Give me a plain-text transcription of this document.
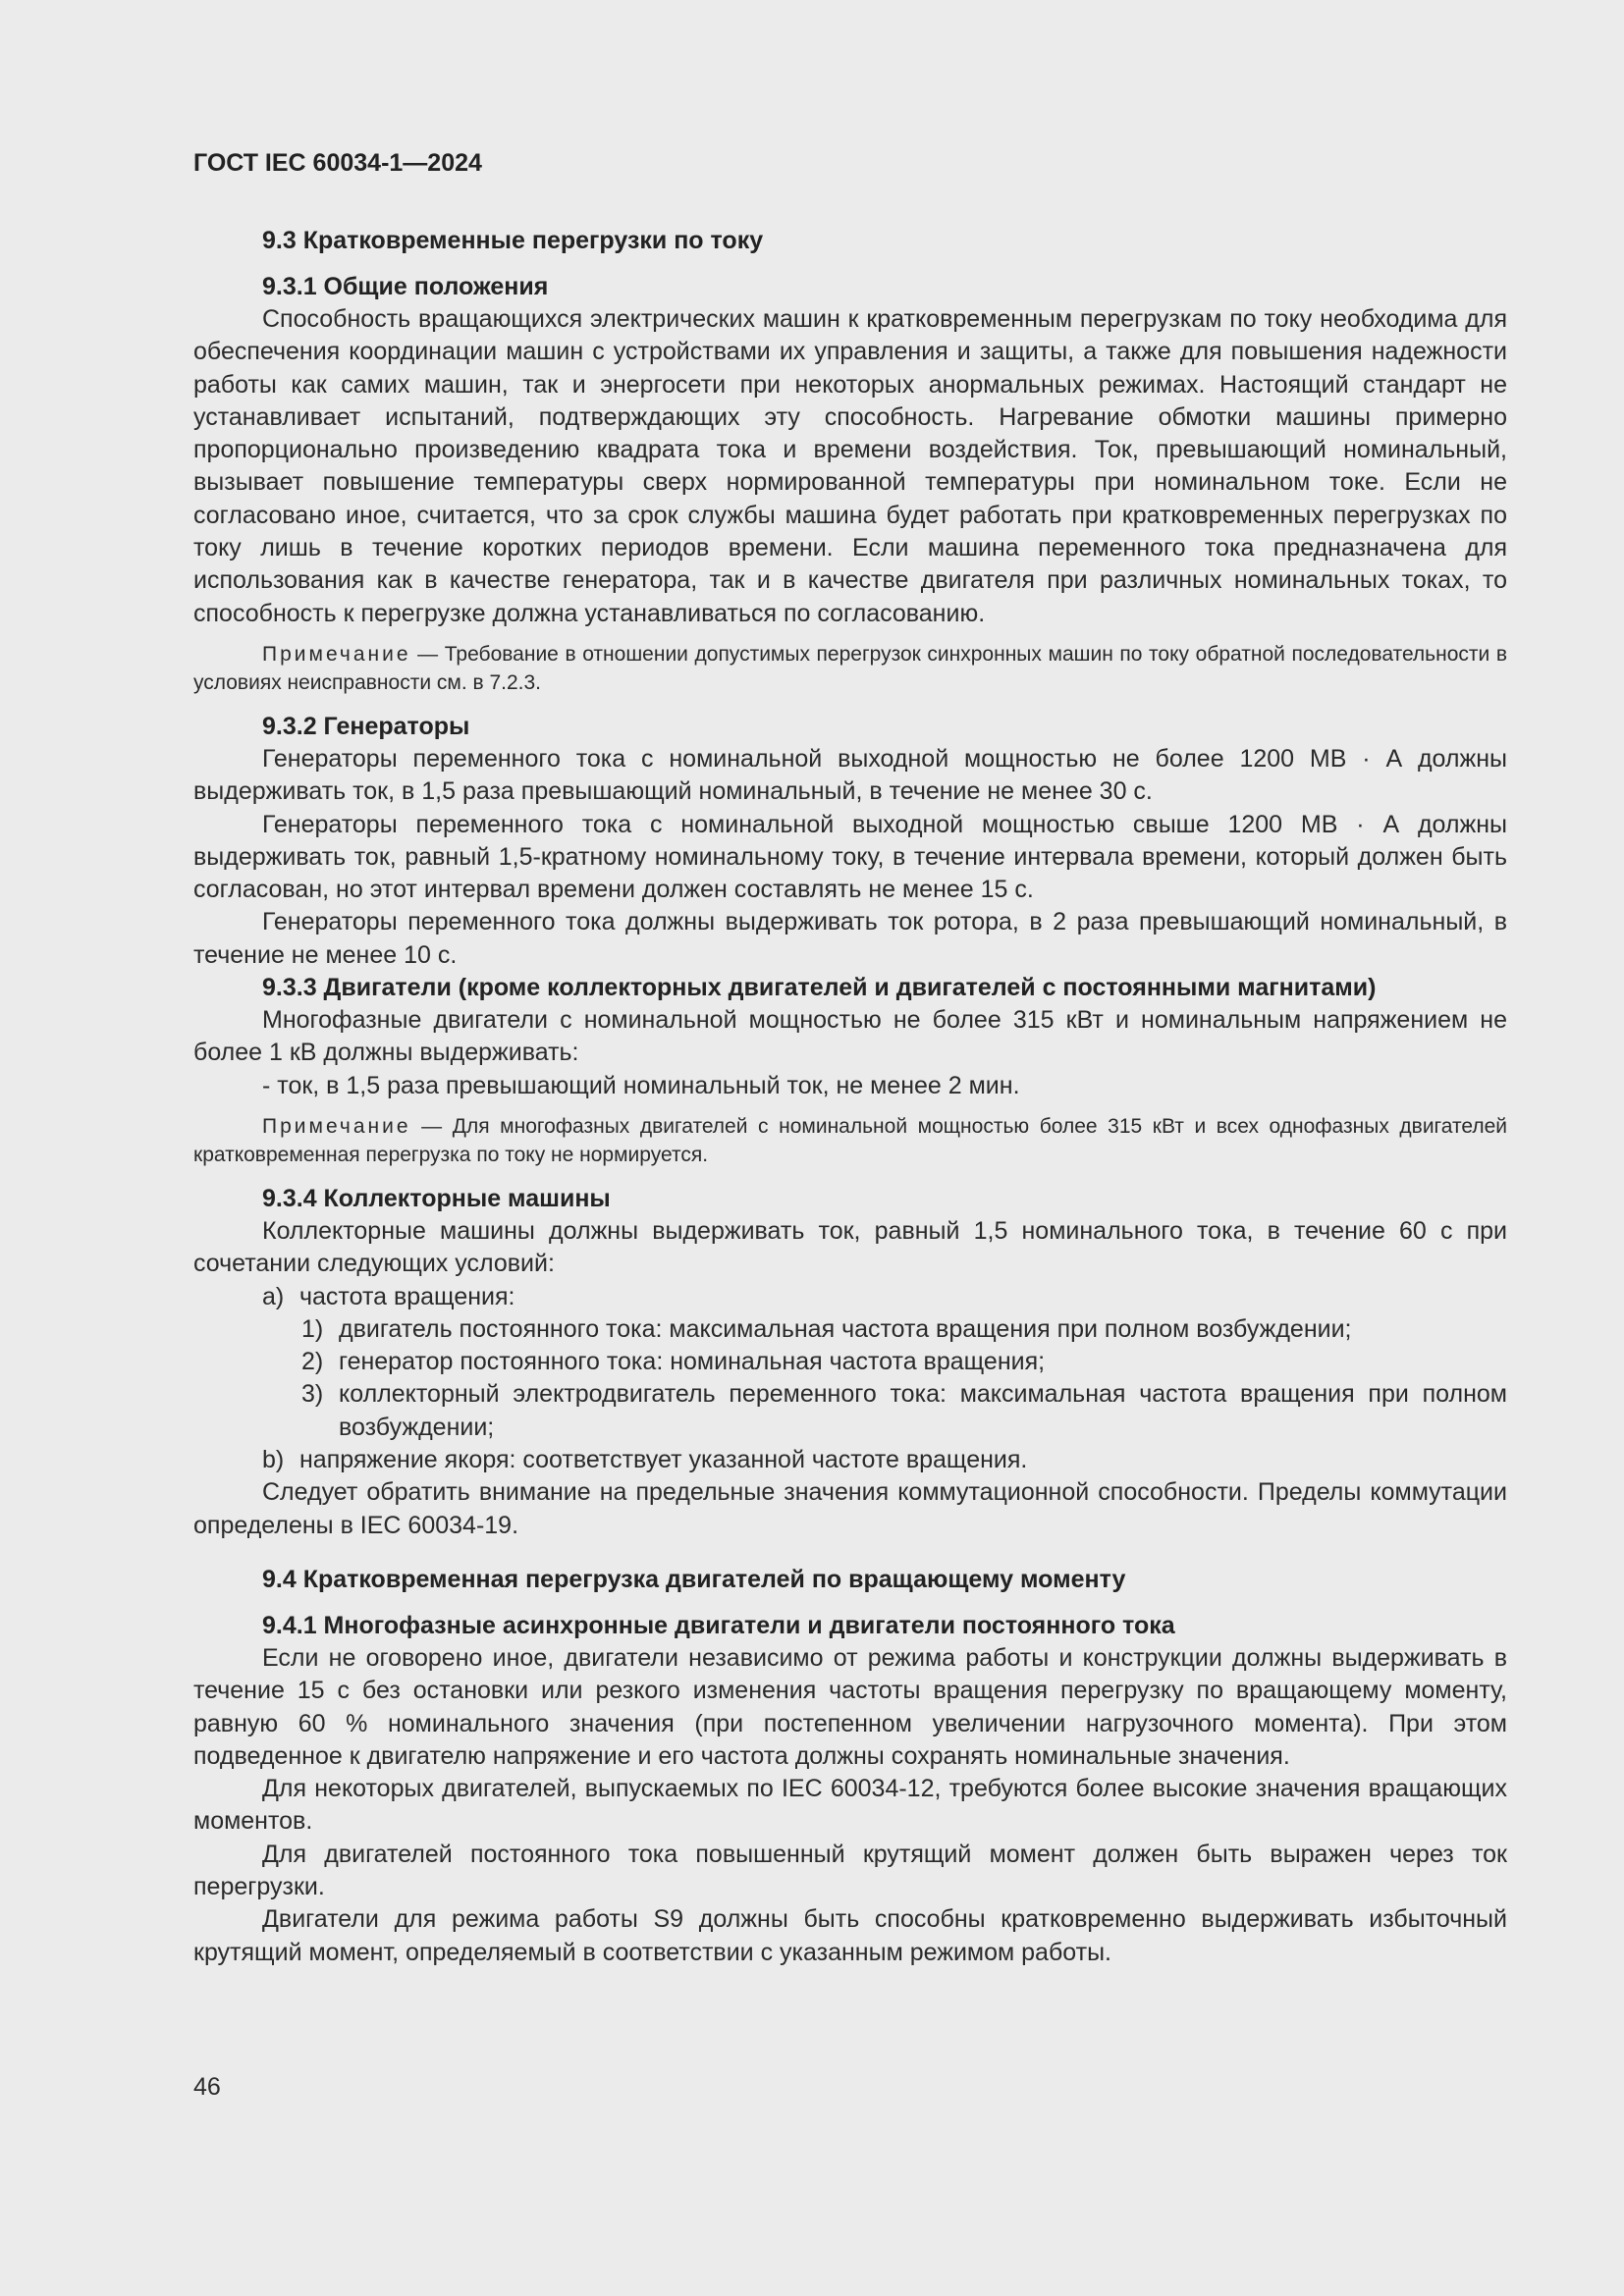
ГОСТ IEC 60034-1—2024

9.3 Кратковременные перегрузки по току

9.3.1 Общие положения

Способность вращающихся электрических машин к кратковременным перегрузкам по току необходима для обеспечения координации машин с устройствами их управления и защиты, а также для повышения надежности работы как самих машин, так и энергосети при некоторых анормальных режимах. Настоящий стандарт не устанавливает испытаний, подтверждающих эту способность. Нагревание обмотки машины примерно пропорционально произведению квадрата тока и времени воздействия. Ток, превышающий номинальный, вызывает повышение температуры сверх нормированной температуры при номинальном токе. Если не согласовано иное, считается, что за срок службы машина будет работать при кратковременных перегрузках по току лишь в течение коротких периодов времени. Если машина переменного тока предназначена для использования как в качестве генератора, так и в качестве двигателя при различных номинальных токах, то способность к перегрузке должна устанавливаться по согласованию.

Примечание — Требование в отношении допустимых перегрузок синхронных машин по току обратной последовательности в условиях неисправности см. в 7.2.3.

9.3.2 Генераторы

Генераторы переменного тока с номинальной выходной мощностью не более 1200 МВ · А должны выдерживать ток, в 1,5 раза превышающий номинальный, в течение не менее 30 с.

Генераторы переменного тока с номинальной выходной мощностью свыше 1200 МВ · А должны выдерживать ток, равный 1,5-кратному номинальному току, в течение интервала времени, который должен быть согласован, но этот интервал времени должен составлять не менее 15 с.

Генераторы переменного тока должны выдерживать ток ротора, в 2 раза превышающий номинальный, в течение не менее 10 с.

9.3.3 Двигатели (кроме коллекторных двигателей и двигателей с постоянными магнитами)

Многофазные двигатели с номинальной мощностью не более 315 кВт и номинальным напряжением не более 1 кВ должны выдерживать:

- ток, в 1,5 раза превышающий номинальный ток, не менее 2 мин.

Примечание — Для многофазных двигателей с номинальной мощностью более 315 кВт и всех однофазных двигателей кратковременная перегрузка по току не нормируется.

9.3.4 Коллекторные машины

Коллекторные машины должны выдерживать ток, равный 1,5 номинального тока, в течение 60 с при сочетании следующих условий:

a) частота вращения:
1) двигатель постоянного тока: максимальная частота вращения при полном возбуждении;
2) генератор постоянного тока: номинальная частота вращения;
3) коллекторный электродвигатель переменного тока: максимальная частота вращения при полном возбуждении;
b) напряжение якоря: соответствует указанной частоте вращения.

Следует обратить внимание на предельные значения коммутационной способности. Пределы коммутации определены в IEC 60034-19.

9.4 Кратковременная перегрузка двигателей по вращающему моменту

9.4.1 Многофазные асинхронные двигатели и двигатели постоянного тока

Если не оговорено иное, двигатели независимо от режима работы и конструкции должны выдерживать в течение 15 с без остановки или резкого изменения частоты вращения перегрузку по вращающему моменту, равную 60 % номинального значения (при постепенном увеличении нагрузочного момента). При этом подведенное к двигателю напряжение и его частота должны сохранять номинальные значения.

Для некоторых двигателей, выпускаемых по IEC 60034-12, требуются более высокие значения вращающих моментов.

Для двигателей постоянного тока повышенный крутящий момент должен быть выражен через ток перегрузки.

Двигатели для режима работы S9 должны быть способны кратковременно выдерживать избыточный крутящий момент, определяемый в соответствии с указанным режимом работы.

46
